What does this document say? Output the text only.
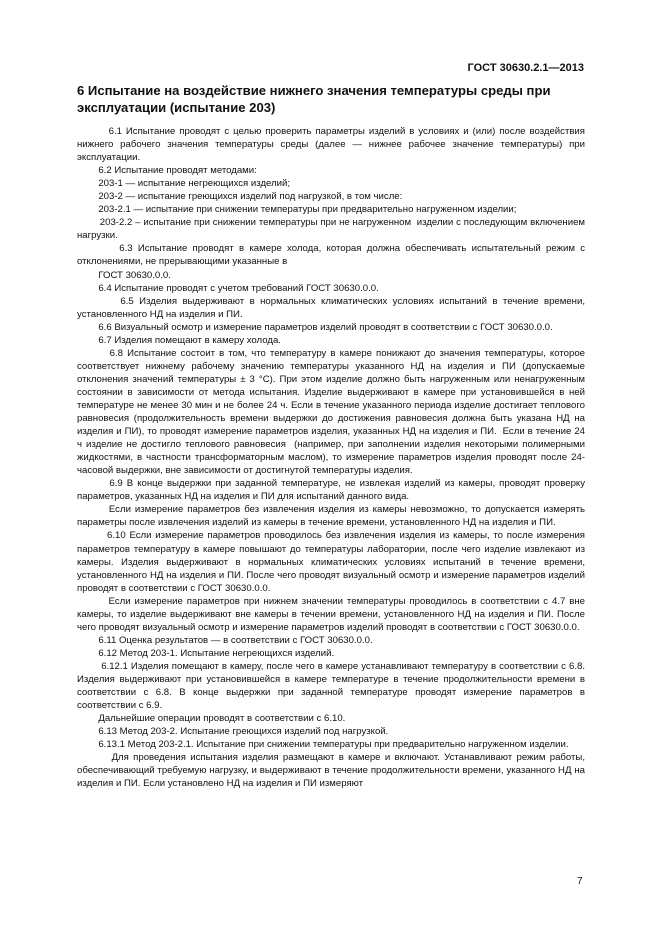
ГОСТ 30630.2.1—2013
6 Испытание на воздействие нижнего значения температуры среды при эксплуатации (испытание 203)

6.1 Испытание проводят с целью проверить параметры изделий в условиях и (или) после воздействия нижнего рабочего значения температуры среды (далее — нижнее рабочее значение температуры) при эксплуатации.

6.2 Испытание проводят методами:

203-1 — испытание негреющихся изделий;

203-2 — испытание греющихся изделий под нагрузкой, в том числе:

203-2.1 — испытание при снижении температуры при предварительно нагруженном изделии;

203-2.2 – испытание при снижении температуры при не нагруженном  изделии с последующим включением нагрузки.

6.3 Испытание проводят в камере холода, которая должна обеспечивать испытательный режим с отклонениями, не прерывающими указанные в

ГОСТ 30630.0.0.

6.4 Испытание проводят с учетом требований ГОСТ 30630.0.0.

6.5 Изделия выдерживают в нормальных климатических условиях испытаний в течение времени, установленного НД на изделия и ПИ.

6.6 Визуальный осмотр и измерение параметров изделий проводят в соответствии с ГОСТ 30630.0.0.

6.7 Изделия помещают в камеру холода.

6.8 Испытание состоит в том, что температуру в камере понижают до значения температуры, которое соответствует нижнему рабочему значению температуры указанного НД на изделия и ПИ (допускаемые отклонения значений температуры ± 3 °С). При этом изделие должно быть нагруженным или ненагруженным состоянии в зависимости от метода испытания. Изделие выдерживают в камере при установившейся в ней температуре не менее 30 мин и не более 24 ч. Если в течение указанного периода изделие достигает теплового равновесия (продолжительность времени выдержки до достижения равновесия должна быть указана НД на изделия и ПИ), то проводят измерение параметров изделия, указанных НД на изделия и ПИ.  Если в течение 24 ч изделие не достигло теплового равновесия  (например, при заполнении изделия некоторыми полимерными жидкостями, в частности трансформаторным маслом), то измерение параметров изделия проводят после 24-часовой выдержки, вне зависимости от достигнутой температуры изделия.

6.9 В конце выдержки при заданной температуре, не извлекая изделий из камеры, проводят проверку параметров, указанных НД на изделия и ПИ для испытаний данного вида.

Если измерение параметров без извлечения изделия из камеры невозможно, то допускается измерять параметры после извлечения изделий из камеры в течение времени, установленного НД на изделия и ПИ.

6.10 Если измерение параметров проводилось без извлечения изделия из камеры, то после измерения параметров температуру в камере повышают до температуры лаборатории, после чего изделие извлекают из камеры. Изделия выдерживают в нормальных климатических условиях испытаний в течение времени, установленного НД на изделия и ПИ. После чего проводят визуальный осмотр и измерение параметров изделий проводят в соответствии с ГОСТ 30630.0.0.

Если измерение параметров при нижнем значении температуры проводилось в соответствии с 4.7 вне камеры, то изделие выдерживают вне камеры в течении времени, установленного НД на изделия и ПИ. После чего проводят визуальный осмотр и измерение параметров изделий проводят в соответствии с ГОСТ 30630.0.0.

6.11 Оценка результатов — в соответствии с ГОСТ 30630.0.0.

6.12 Метод 203-1. Испытание негреющихся изделий.

6.12.1 Изделия помещают в камеру, после чего в камере устанавливают температуру в соответствии с 6.8. Изделия выдерживают при установившейся в камере температуре в течение продолжительности времени в соответствии с 6.8. В конце выдержки при заданной температуре проводят измерение параметров в соответствии с 6.9.

Дальнейшие операции проводят в соответствии с 6.10.

6.13 Метод 203-2. Испытание греющихся изделий под нагрузкой.

6.13.1 Метод 203-2.1. Испытание при снижении температуры при предварительно нагруженном изделии.

Для проведения испытания изделия размещают в камере и включают. Устанавливают режим работы, обеспечивающий требуемую нагрузку, и выдерживают в течение продолжительности времени, указанного НД на изделия и ПИ. Если установлено НД на изделия и ПИ измеряют

7
